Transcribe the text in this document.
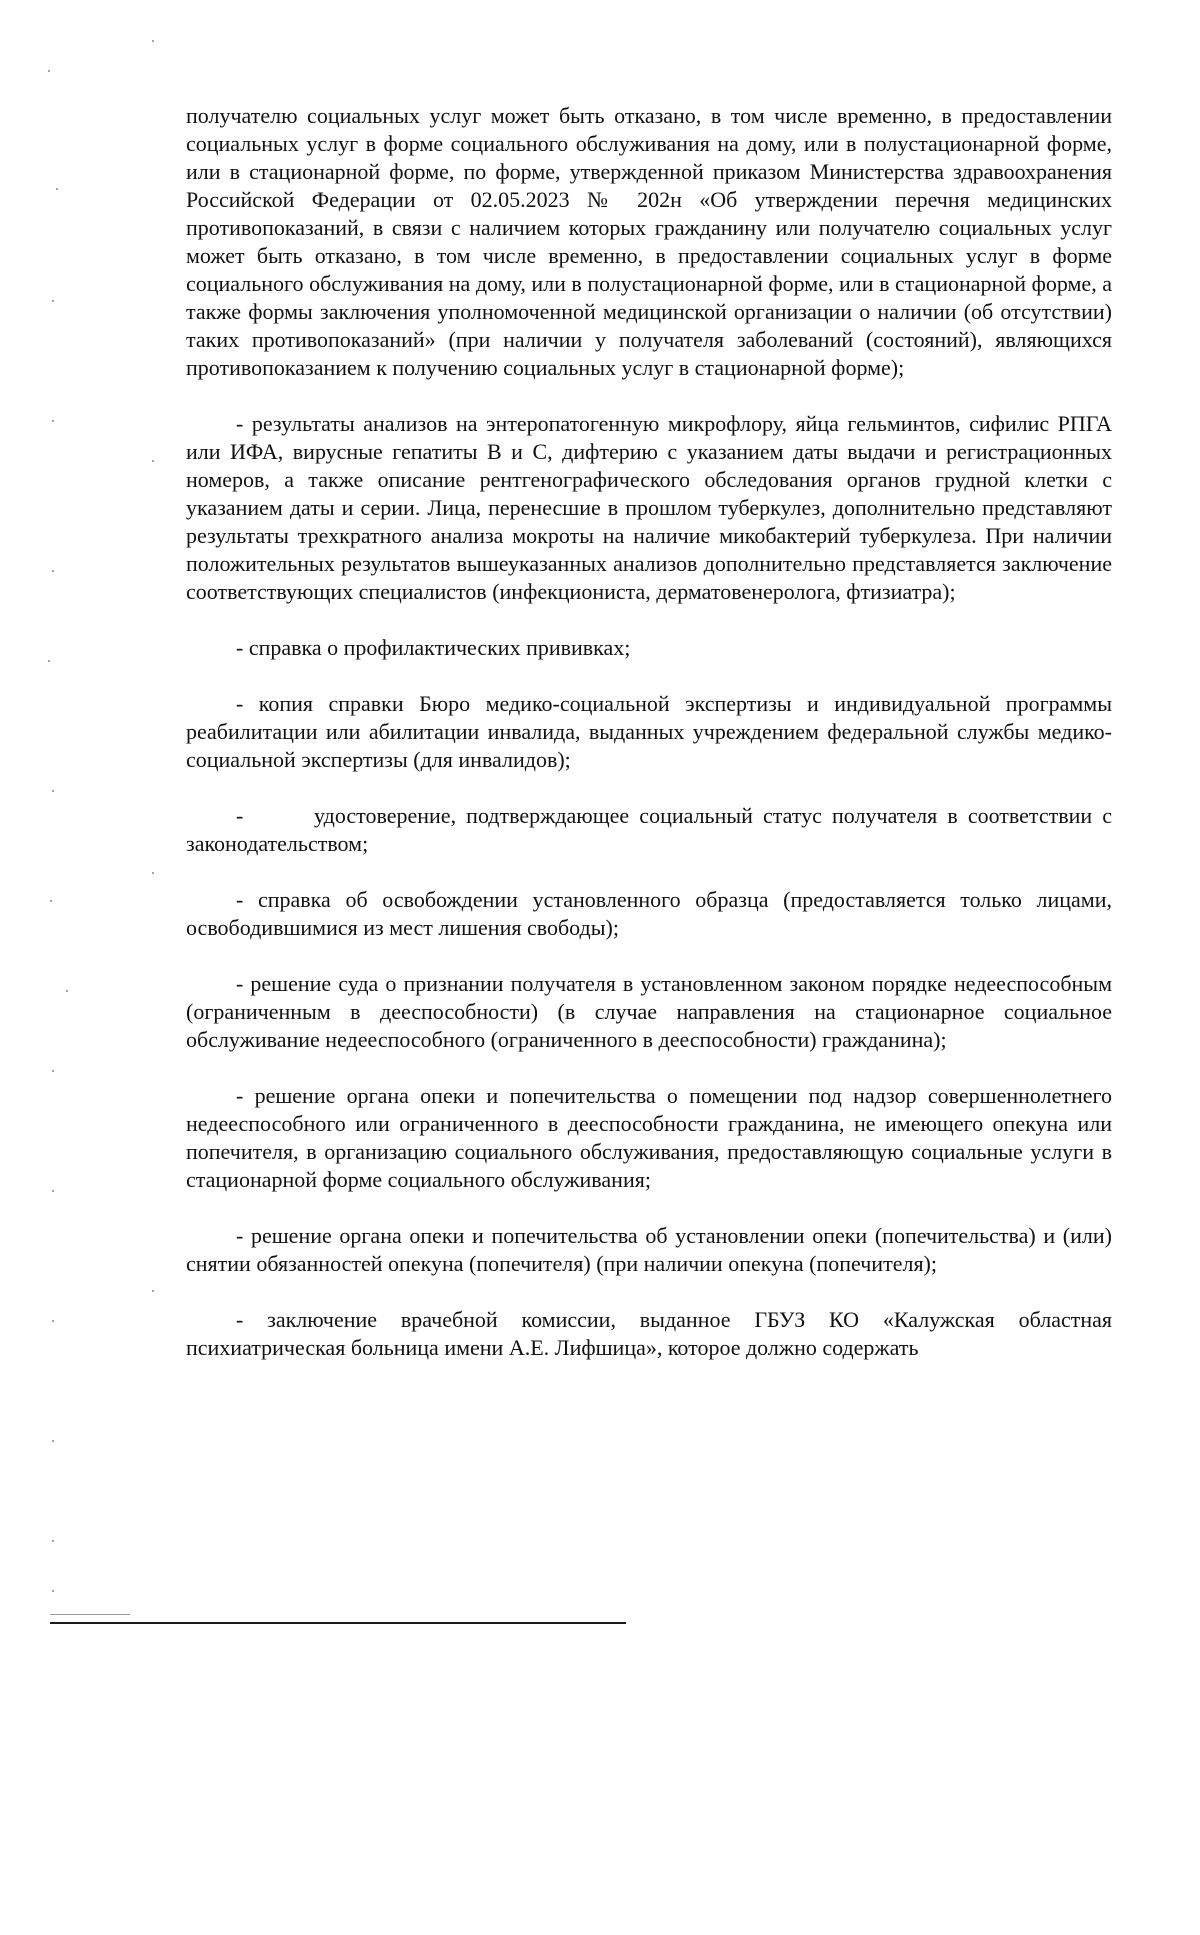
получателю социальных услуг может быть отказано, в том числе временно, в предоставлении социальных услуг в форме социального обслуживания на дому, или в полустационарной форме, или в стационарной форме, по форме, утвержденной приказом Министерства здравоохранения Российской Федерации от 02.05.2023 № 202н «Об утверждении перечня медицинских противопоказаний, в связи с наличием которых гражданину или получателю социальных услуг может быть отказано, в том числе временно, в предоставлении социальных услуг в форме социального обслуживания на дому, или в полустационарной форме, или в стационарной форме, а также формы заключения уполномоченной медицинской организации о наличии (об отсутствии) таких противопоказаний» (при наличии у получателя заболеваний (состояний), являющихся противопоказанием к получению социальных услуг в стационарной форме);

- результаты анализов на энтеропатогенную микрофлору, яйца гельминтов, сифилис РПГА или ИФА, вирусные гепатиты В и С, дифтерию с указанием даты выдачи и регистрационных номеров, а также описание рентгенографического обследования органов грудной клетки с указанием даты и серии. Лица, перенесшие в прошлом туберкулез, дополнительно представляют результаты трехкратного анализа мокроты на наличие микобактерий туберкулеза. При наличии положительных результатов вышеуказанных анализов дополнительно представляется заключение соответствующих специалистов (инфекциониста, дерматовенеролога, фтизиатра);

- справка о профилактических прививках;

- копия справки Бюро медико-социальной экспертизы и индивидуальной программы реабилитации или абилитации инвалида, выданных учреждением федеральной службы медико-социальной экспертизы (для инвалидов);

-       удостоверение, подтверждающее социальный статус получателя в соответствии с законодательством;

- справка об освобождении установленного образца (предоставляется только лицами, освободившимися из мест лишения свободы);

- решение суда о признании получателя в установленном законом порядке недееспособным (ограниченным в дееспособности) (в случае направления на стационарное социальное обслуживание недееспособного (ограниченного в дееспособности) гражданина);

- решение органа опеки и попечительства о помещении под надзор совершеннолетнего недееспособного или ограниченного в дееспособности гражданина, не имеющего опекуна или попечителя, в организацию социального обслуживания, предоставляющую социальные услуги в стационарной форме социального обслуживания;

- решение органа опеки и попечительства об установлении опеки (попечительства) и (или) снятии обязанностей опекуна (попечителя) (при наличии опекуна (попечителя);

- заключение врачебной комиссии, выданное ГБУЗ КО «Калужская областная психиатрическая больница имени А.Е. Лифшица», которое должно содержать
